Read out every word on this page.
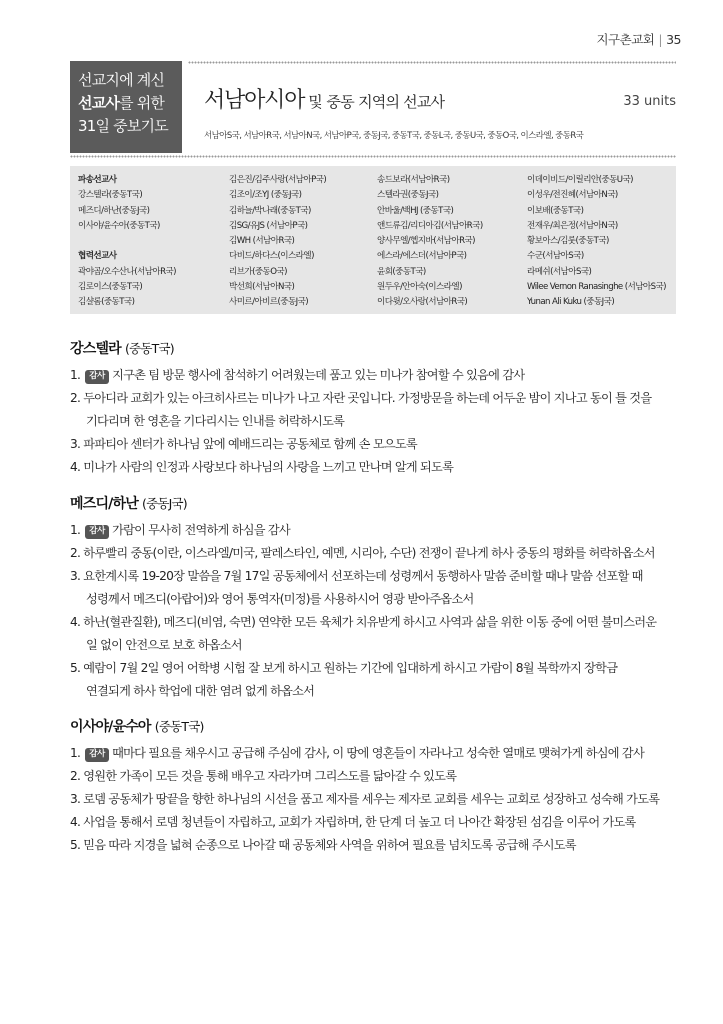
지구촌교회 | 35
선교지에 계신
선교사를 위한
31일 중보기도
서남아시아 및 중동 지역의 선교사	33 units
서남아S국, 서남아R국, 서남아N국, 서남아P국, 중동J국, 중동T국, 중동L국, 중동U국, 중동O국, 이스라엘, 중동R국
파송선교사
강스텔라(중동T국)
메즈디/하난(중동J국)
이사야/윤수아(중동T국)
협력선교사
곽야곱/오수산나(서남아R국)
김로이스(중동T국)
김샬롬(중동T국)
김은진/김주사랑(서남아P국)
김조이/조YJ (중동J국)
김하늘/박나래(중동T국)
김SG/유JS (서남아P국)
김WH (서남아R국)
다비드/하다스(이스라엘)
리브가(중동O국)
박선희(서남아N국)
사미르/아비르(중동J국)
송드보라(서남아R국)
스텔라권(중동J국)
안바울/백HJ (중동T국)
앤드류김/리디아김(서남아R국)
양사무엘/헵지바(서남아R국)
에스라/에스더(서남아P국)
윤회(중동T국)
원두우/안아숙(이스라엘)
이다윗/오사랑(서남아R국)
이데이비드/이릴리안(중동U국)
이성우/전진혜(서남아N국)
이보배(중동T국)
전재우/최은정(서남아N국)
황보아스/김룻(중동T국)
수군(서남아S국)
라메쉬(서남아S국)
Wilee Vernon Ranasinghe (서남아S국)
Yunan Ali Kuku (중동J국)
강스텔라 (중동T국)
1. 감사 지구촌 팀 방문 행사에 참석하기 어려웠는데 품고 있는 미나가 참여할 수 있음에 감사
2. 두아디라 교회가 있는 아크히사르는 미나가 나고 자란 곳입니다. 가정방문을 하는데 어두운 밤이 지나고 동이 틀 것을
기다리며 한 영혼을 기다리시는 인내를 허락하시도록
3. 파파티아 센터가 하나님 앞에 예배드리는 공동체로 함께 손 모으도록
4. 미나가 사람의 인정과 사랑보다 하나님의 사랑을 느끼고 만나며 알게 되도록
메즈디/하난 (중동J국)
1. 감사 가람이 무사히 전역하게 하심을 감사
2. 하루빨리 중동(이란, 이스라엘/미국, 팔레스타인, 예멘, 시리아, 수단) 전쟁이 끝나게 하사 중동의 평화를 허락하옵소서
3. 요한계시록 19-20장 말씀을 7월 17일 공동체에서 선포하는데 성령께서 동행하사 말씀 준비할 때나 말씀 선포할 때
성령께서 메즈디(아랍어)와 영어 통역자(미정)를 사용하시어 영광 받아주옵소서
4. 하난(혈관질환), 메즈디(비염, 숙면) 연약한 모든 육체가 치유받게 하시고 사역과 삶을 위한 이동 중에 어떤 불미스러운
일 없이 안전으로 보호 하옵소서
5. 예람이 7월 2일 영어 어학병 시험 잘 보게 하시고 원하는 기간에 입대하게 하시고 가람이 8월 복학까지 장학금
연결되게 하사 학업에 대한 염려 없게 하옵소서
이사야/윤수아 (중동T국)
1. 감사 때마다 필요를 채우시고 공급해 주심에 감사, 이 땅에 영혼들이 자라나고 성숙한 열매로 맺혀가게 하심에 감사
2. 영원한 가족이 모든 것을 통해 배우고 자라가며 그리스도를 닮아갈 수 있도록
3. 로뎀 공동체가 땅끝을 향한 하나님의 시선을 품고 제자를 세우는 제자로 교회를 세우는 교회로 성장하고 성숙해 가도록
4. 사업을 통해서 로뎀 청년들이 자립하고, 교회가 자립하며, 한 단계 더 높고 더 나아간 확장된 섬김을 이루어 가도록
5. 믿음 따라 지경을 넓혀 순종으로 나아갈 때 공동체와 사역을 위하여 필요를 넘치도록 공급해 주시도록
